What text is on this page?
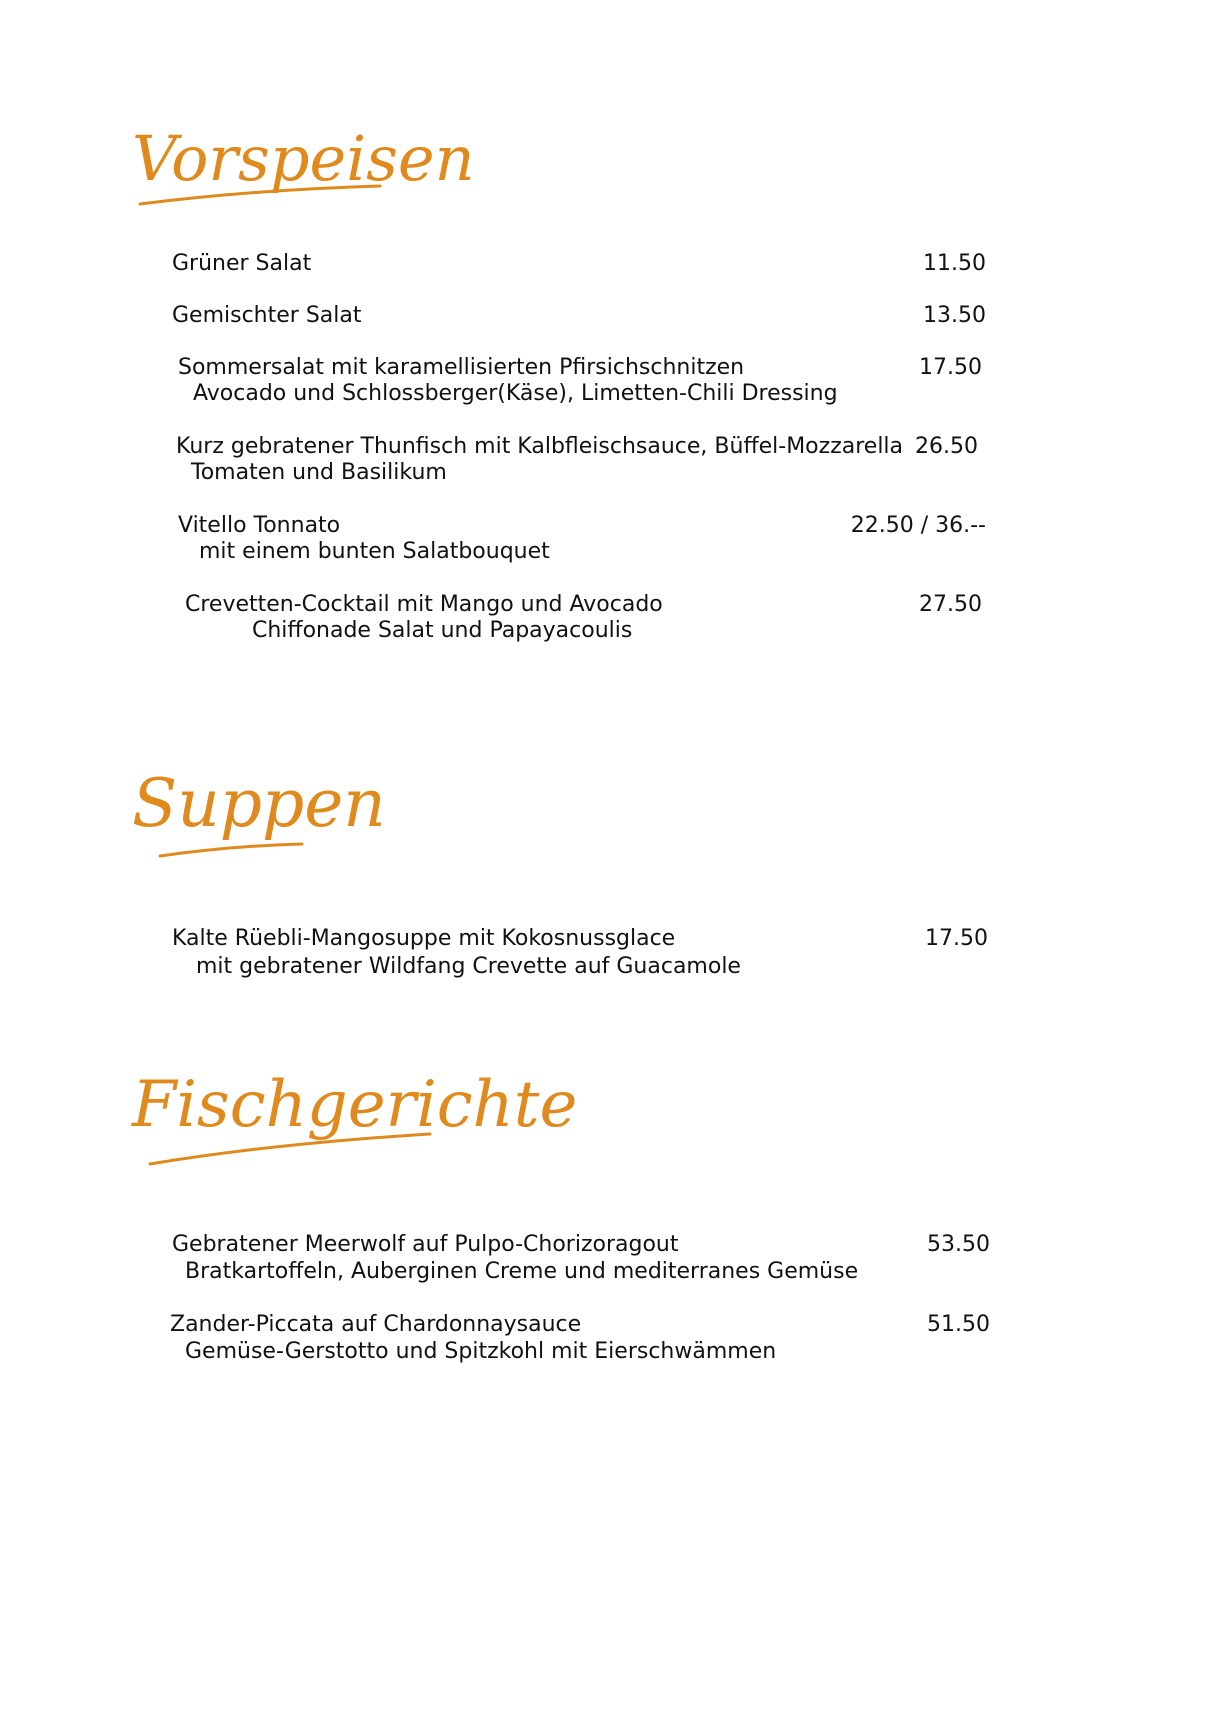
Vorspeisen
Grüner Salat	11.50
Gemischter Salat	13.50
Sommersalat mit karamellisierten Pfirsichschnitzen
Avocado und Schlossberger(Käse), Limetten-Chili Dressing
17.50
Kurz gebratener Thunfisch mit Kalbfleischsauce, Büffel-Mozzarella
Tomaten und Basilikum
26.50
Vitello Tonnato
mit einem bunten Salatbouquet
22.50 / 36.--
Crevetten-Cocktail mit Mango und Avocado
Chiffonade Salat und Papayacoulis
27.50
Suppen
Kalte Rüebli-Mangosuppe mit Kokosnussglace
mit gebratener Wildfang Crevette auf Guacamole
17.50
Fischgerichte
Gebratener Meerwolf auf Pulpo-Chorizoragout
Bratkartoffeln, Auberginen Creme und mediterranes Gemüse
53.50
Zander-Piccata auf Chardonnaysauce
Gemüse-Gerstotto und Spitzkohl mit Eierschwämmen
51.50
